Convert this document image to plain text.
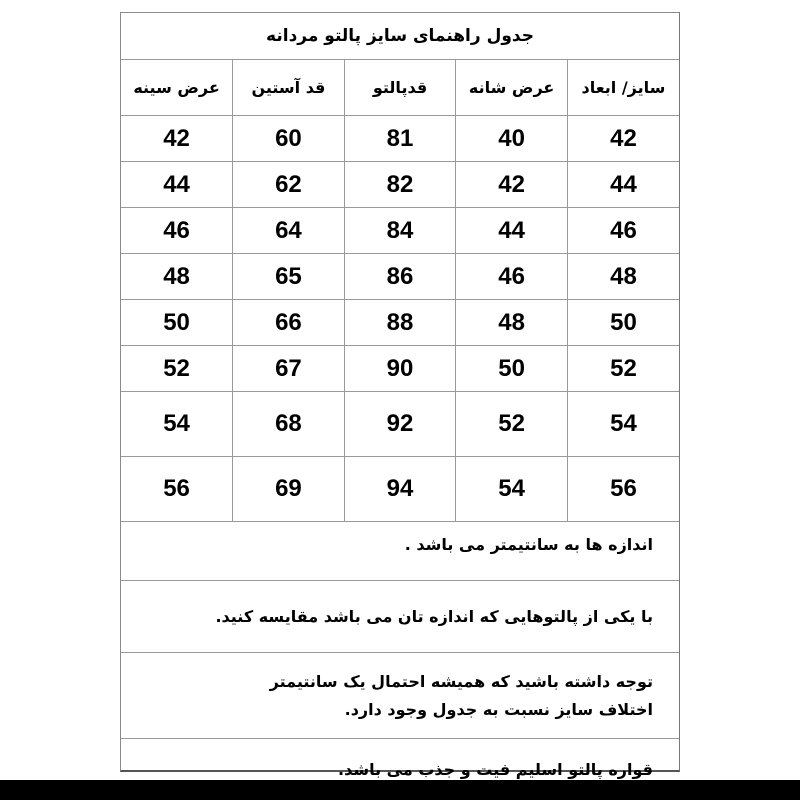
جدول راهنمای سایز پالتو مردانه
سایز/ ابعاد	عرض شانه	قدپالتو	قد آستین	عرض سینه
42	40	81	60	42
44	42	82	62	44
46	44	84	64	46
48	46	86	65	48
50	48	88	66	50
52	50	90	67	52
54	52	92	68	54
56	54	94	69	56
اندازه ها به سانتیمتر می باشد .
با یکی از پالتوهایی که اندازه تان می باشد مقایسه کنید.
توجه داشته باشید که همیشه احتمال یک سانتیمتر
اختلاف سایز نسبت به جدول وجود دارد.
قواره پالتو اسلیم فیت و جذب می باشد.
